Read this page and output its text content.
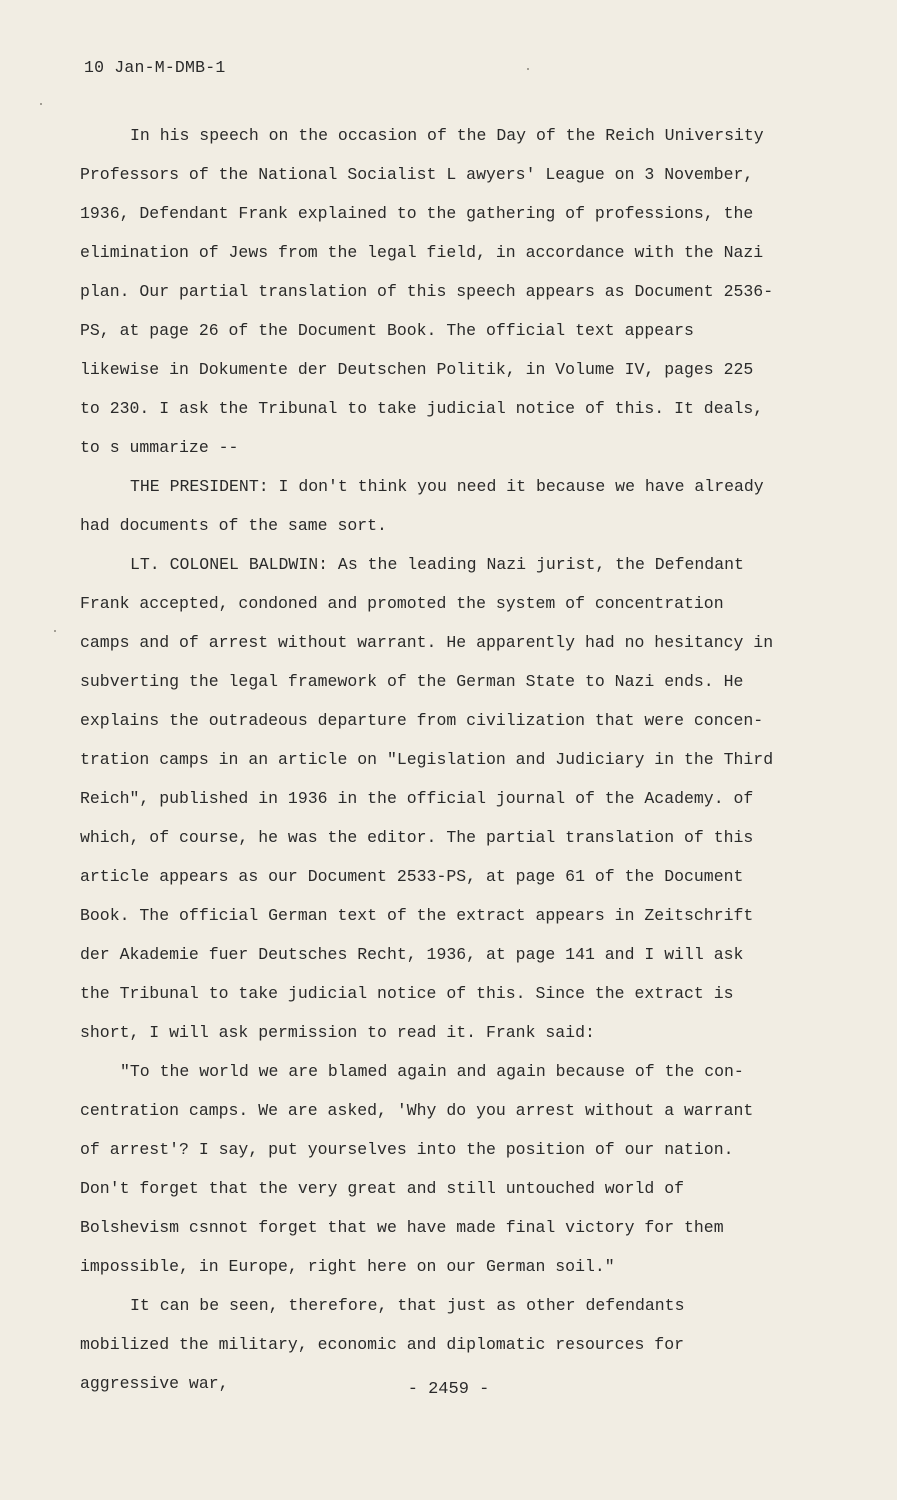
10 Jan-M-DMB-1

In his speech on the occasion of the Day of the Reich University Professors of the National Socialist L awyers' League on 3 November, 1936, Defendant Frank explained to the gathering of professions, the elimination of Jews from the legal field, in accordance with the Nazi plan. Our partial translation of this speech appears as Document 2536-PS, at page 26 of the Document Book. The official text appears likewise in Dokumente der Deutschen Politik, in Volume IV, pages 225 to 230. I ask the Tribunal to take judicial notice of this. It deals, to s ummarize --

THE PRESIDENT: I don't think you need it because we have already had documents of the same sort.

LT. COLONEL BALDWIN: As the leading Nazi jurist, the Defendant Frank accepted, condoned and promoted the system of concentration camps and of arrest without warrant. He apparently had no hesitancy in subverting the legal framework of the German State to Nazi ends. He explains the outradeous departure from civilization that were concen-tration camps in an article on "Legislation and Judiciary in the Third Reich", published in 1936 in the official journal of the Academy. of which, of course, he was the editor. The partial translation of this article appears as our Document 2533-PS, at page 61 of the Document Book. The official German text of the extract appears in Zeitschrift der Akademie fuer Deutsches Recht, 1936, at page 141 and I will ask the Tribunal to take judicial notice of this. Since the extract is short, I will ask permission to read it. Frank said:

"To the world we are blamed again and again because of the con-centration camps. We are asked, 'Why do you arrest without a warrant of arrest'? I say, put yourselves into the position of our nation. Don't forget that the very great and still untouched world of Bolshevism csnnot forget that we have made final victory for them impossible, in Europe, right here on our German soil."

It can be seen, therefore, that just as other defendants mobilized the military, economic and diplomatic resources for aggressive war,	- 2459 -
